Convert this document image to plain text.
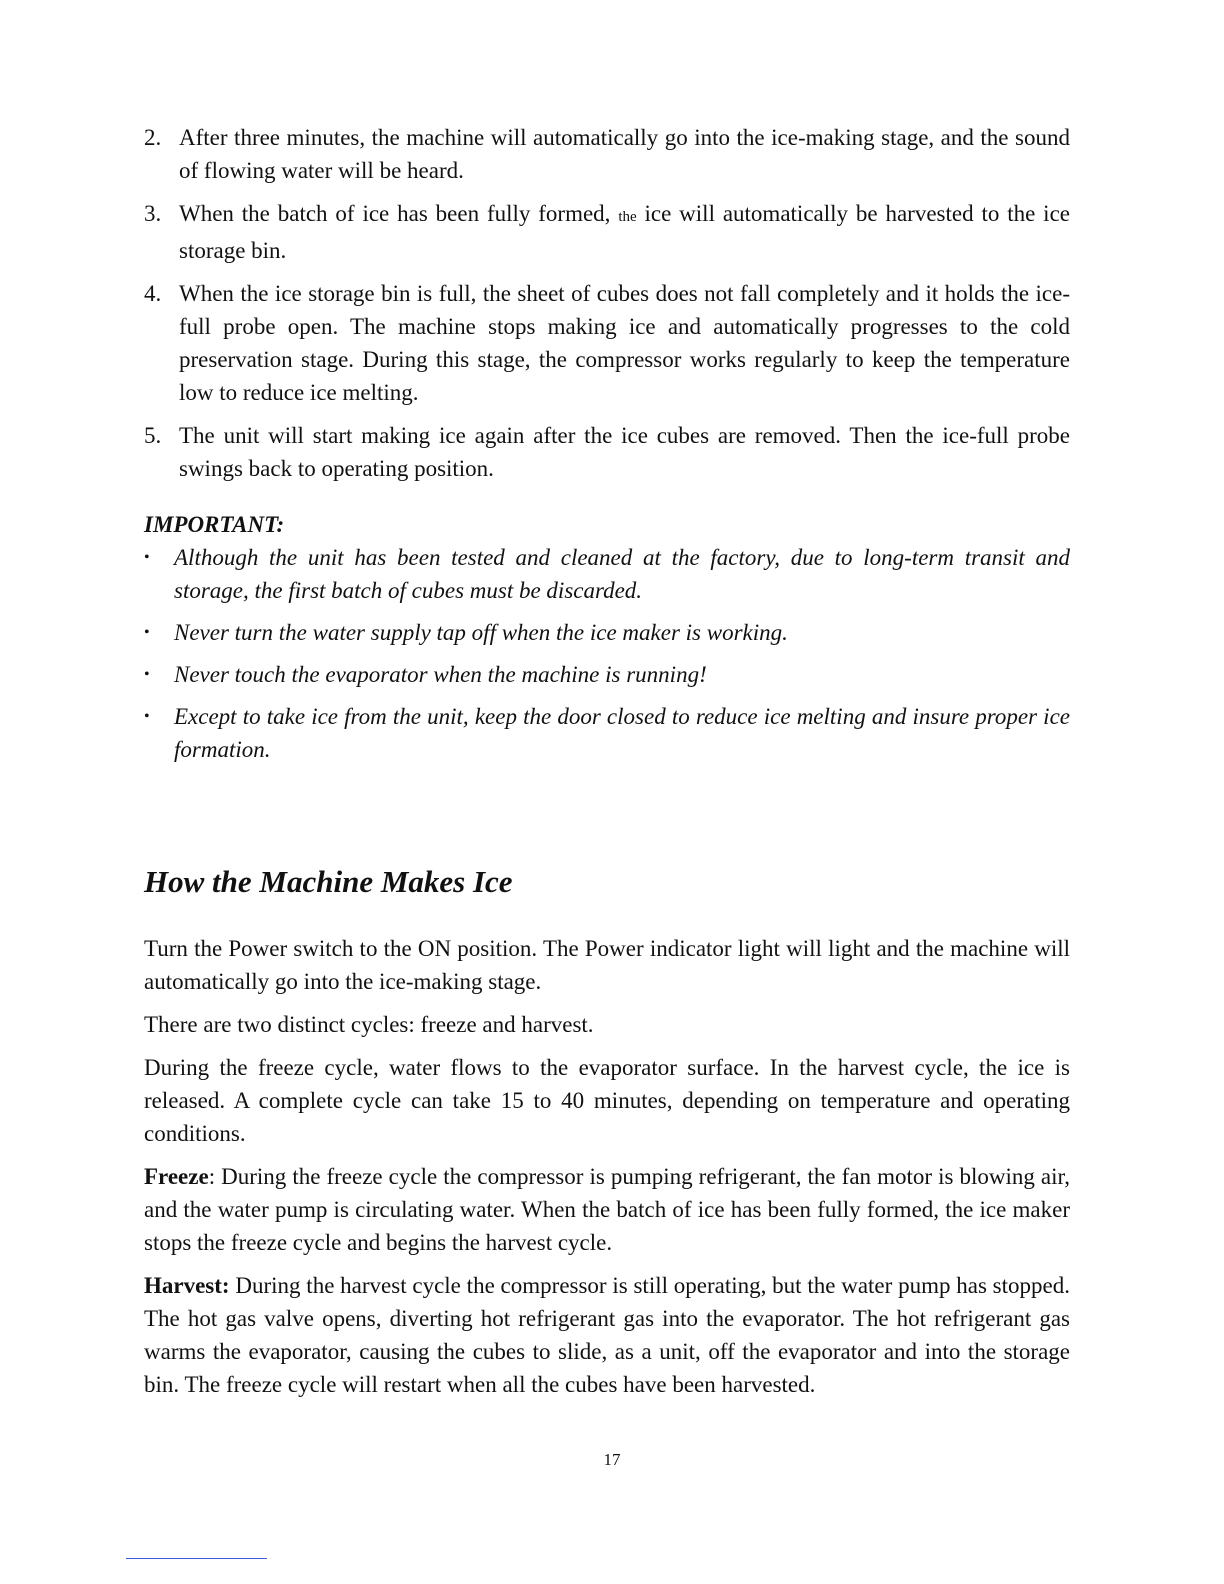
2. After three minutes, the machine will automatically go into the ice-making stage, and the sound of flowing water will be heard.
3. When the batch of ice has been fully formed, the ice will automatically be harvested to the ice storage bin.
4. When the ice storage bin is full, the sheet of cubes does not fall completely and it holds the ice-full probe open. The machine stops making ice and automatically progresses to the cold preservation stage. During this stage, the compressor works regularly to keep the temperature low to reduce ice melting.
5. The unit will start making ice again after the ice cubes are removed. Then the ice-full probe swings back to operating position.

IMPORTANT:

• Although the unit has been tested and cleaned at the factory, due to long-term transit and storage, the first batch of cubes must be discarded.
• Never turn the water supply tap off when the ice maker is working.
• Never touch the evaporator when the machine is running!
• Except to take ice from the unit, keep the door closed to reduce ice melting and insure proper ice formation.
How the Machine Makes Ice

Turn the Power switch to the ON position. The Power indicator light will light and the machine will automatically go into the ice-making stage.

There are two distinct cycles: freeze and harvest.

During the freeze cycle, water flows to the evaporator surface. In the harvest cycle, the ice is released. A complete cycle can take 15 to 40 minutes, depending on temperature and operating conditions.

Freeze: During the freeze cycle the compressor is pumping refrigerant, the fan motor is blowing air, and the water pump is circulating water. When the batch of ice has been fully formed, the ice maker stops the freeze cycle and begins the harvest cycle.

Harvest: During the harvest cycle the compressor is still operating, but the water pump has stopped. The hot gas valve opens, diverting hot refrigerant gas into the evaporator. The hot refrigerant gas warms the evaporator, causing the cubes to slide, as a unit, off the evaporator and into the storage bin. The freeze cycle will restart when all the cubes have been harvested.

17
